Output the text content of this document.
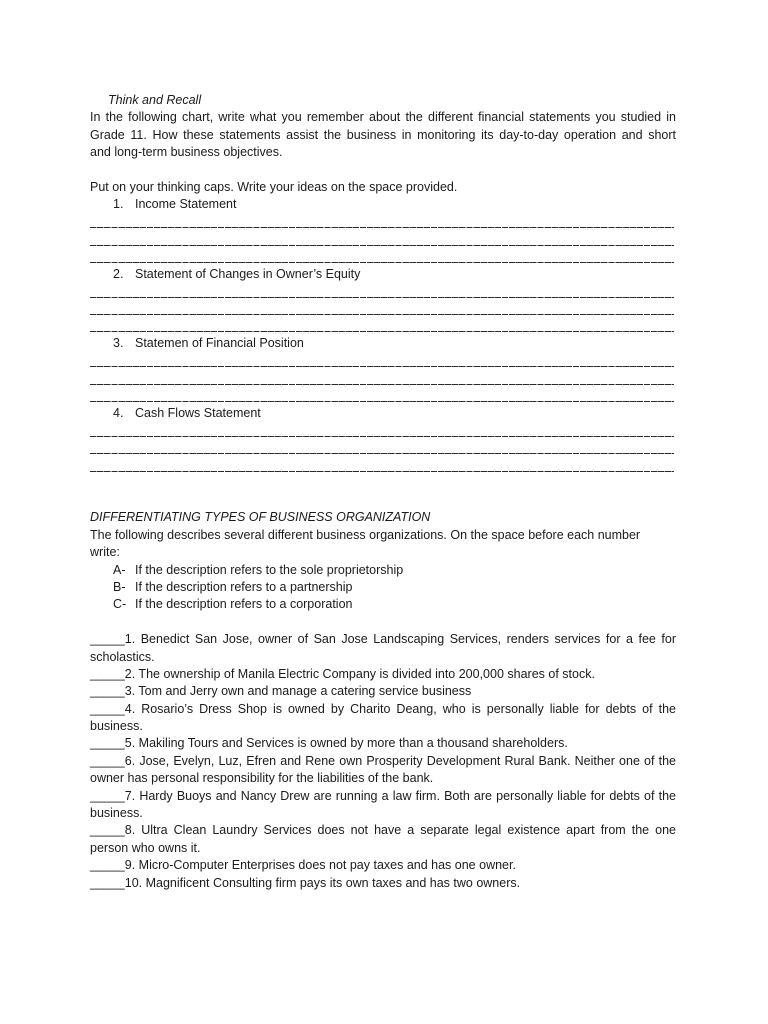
Think and Recall
In the following chart, write what you remember about the different financial statements you studied in
Grade 11. How these statements assist the business in monitoring its day-to-day operation and short
and long-term business objectives.
Put on your thinking caps. Write your ideas on the space provided.
1. Income Statement
2. Statement of Changes in Owner’s Equity
3. Statemen of Financial Position
4. Cash Flows Statement
DIFFERENTIATING TYPES OF BUSINESS ORGANIZATION
The following describes several different business organizations. On the space before each number
write:
A- If the description refers to the sole proprietorship
B- If the description refers to a partnership
C- If the description refers to a corporation
_____1. Benedict San Jose, owner of San Jose Landscaping Services, renders services for a fee for
scholastics.
_____2. The ownership of Manila Electric Company is divided into 200,000 shares of stock.
_____3. Tom and Jerry own and manage a catering service business
_____4. Rosario’s Dress Shop is owned by Charito Deang, who is personally liable for debts of the
business.
_____5. Makiling Tours and Services is owned by more than a thousand shareholders.
_____6. Jose, Evelyn, Luz, Efren and Rene own Prosperity Development Rural Bank. Neither one of the
owner has personal responsibility for the liabilities of the bank.
_____7. Hardy Buoys and Nancy Drew are running a law firm. Both are personally liable for debts of the
business.
_____8. Ultra Clean Laundry Services does not have a separate legal existence apart from the one
person who owns it.
_____9. Micro-Computer Enterprises does not pay taxes and has one owner.
_____10. Magnificent Consulting firm pays its own taxes and has two owners.
